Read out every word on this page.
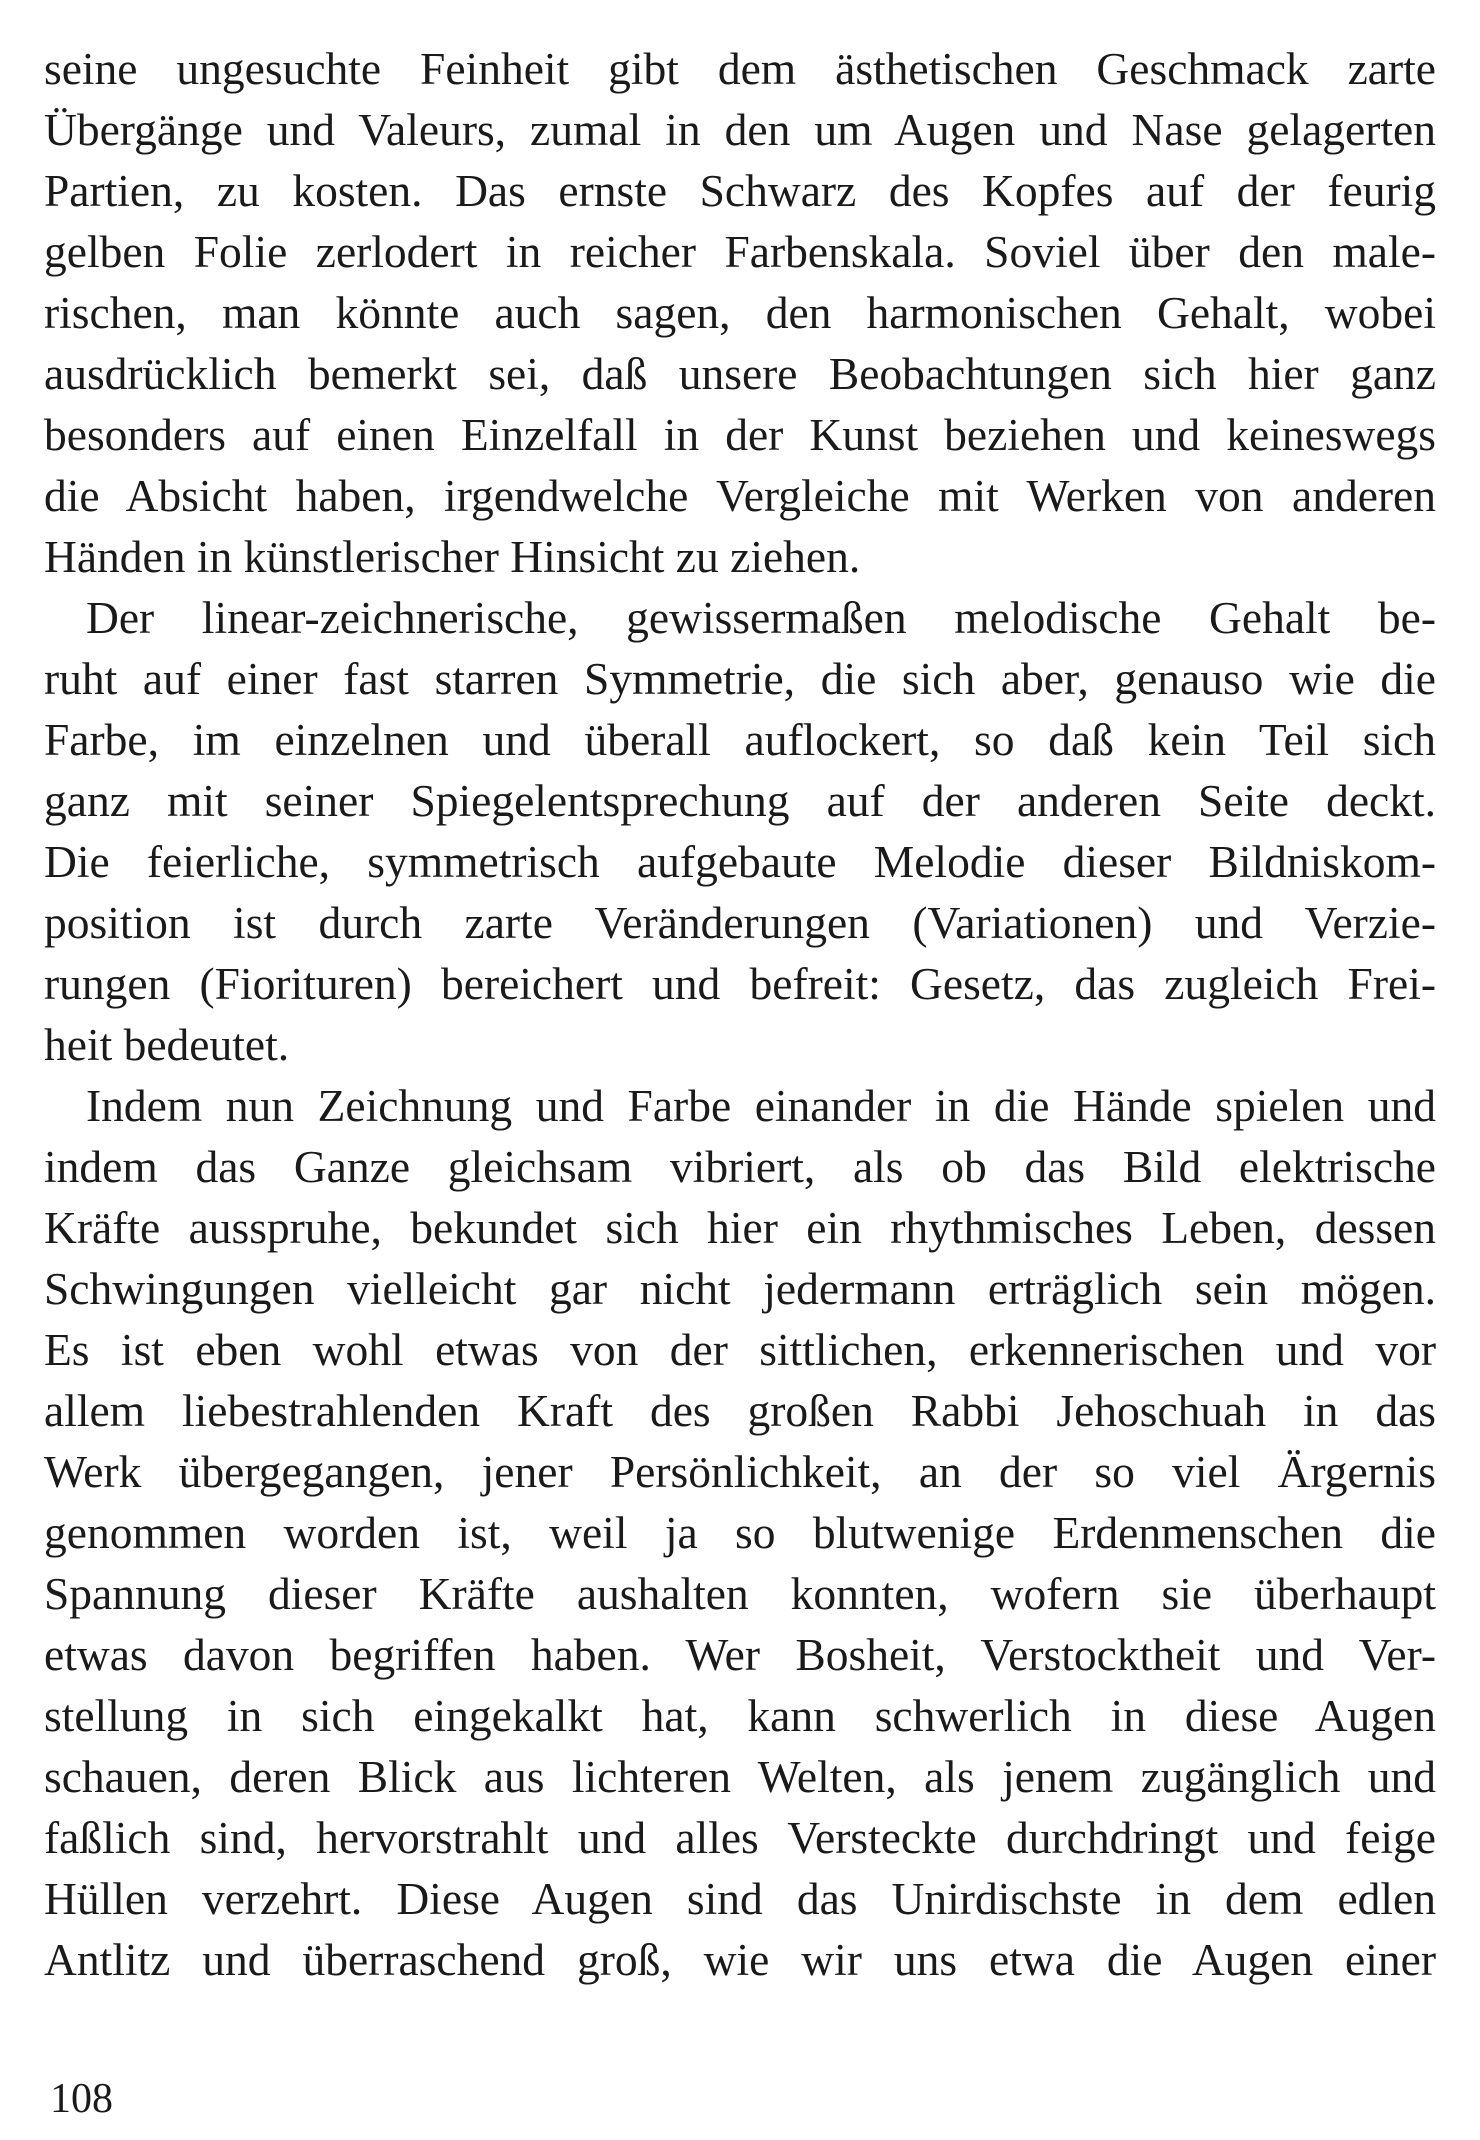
seine ungesuchte Feinheit gibt dem ästhetischen Geschmack zarte
Übergänge und Valeurs, zumal in den um Augen und Nase gelagerten
Partien, zu kosten. Das ernste Schwarz des Kopfes auf der feurig
gelben Folie zerlodert in reicher Farbenskala. Soviel über den male-
rischen, man könnte auch sagen, den harmonischen Gehalt, wobei
ausdrücklich bemerkt sei, daß unsere Beobachtungen sich hier ganz
besonders auf einen Einzelfall in der Kunst beziehen und keineswegs
die Absicht haben, irgendwelche Vergleiche mit Werken von anderen
Händen in künstlerischer Hinsicht zu ziehen.
Der linear-zeichnerische, gewissermaßen melodische Gehalt be-
ruht auf einer fast starren Symmetrie, die sich aber, genauso wie die
Farbe, im einzelnen und überall auflockert, so daß kein Teil sich
ganz mit seiner Spiegelentsprechung auf der anderen Seite deckt.
Die feierliche, symmetrisch aufgebaute Melodie dieser Bildniskom-
position ist durch zarte Veränderungen (Variationen) und Verzie-
rungen (Fiorituren) bereichert und befreit: Gesetz, das zugleich Frei-
heit bedeutet.
Indem nun Zeichnung und Farbe einander in die Hände spielen und
indem das Ganze gleichsam vibriert, als ob das Bild elektrische
Kräfte ausspruhe, bekundet sich hier ein rhythmisches Leben, dessen
Schwingungen vielleicht gar nicht jedermann erträglich sein mögen.
Es ist eben wohl etwas von der sittlichen, erkennerischen und vor
allem liebestrahlenden Kraft des großen Rabbi Jehoschuah in das
Werk übergegangen, jener Persönlichkeit, an der so viel Ärgernis
genommen worden ist, weil ja so blutwenige Erdenmenschen die
Spannung dieser Kräfte aushalten konnten, wofern sie überhaupt
etwas davon begriffen haben. Wer Bosheit, Verstocktheit und Ver-
stellung in sich eingekalkt hat, kann schwerlich in diese Augen
schauen, deren Blick aus lichteren Welten, als jenem zugänglich und
faßlich sind, hervorstrahlt und alles Versteckte durchdringt und feige
Hüllen verzehrt. Diese Augen sind das Unirdischste in dem edlen
Antlitz und überraschend groß, wie wir uns etwa die Augen einer
108
